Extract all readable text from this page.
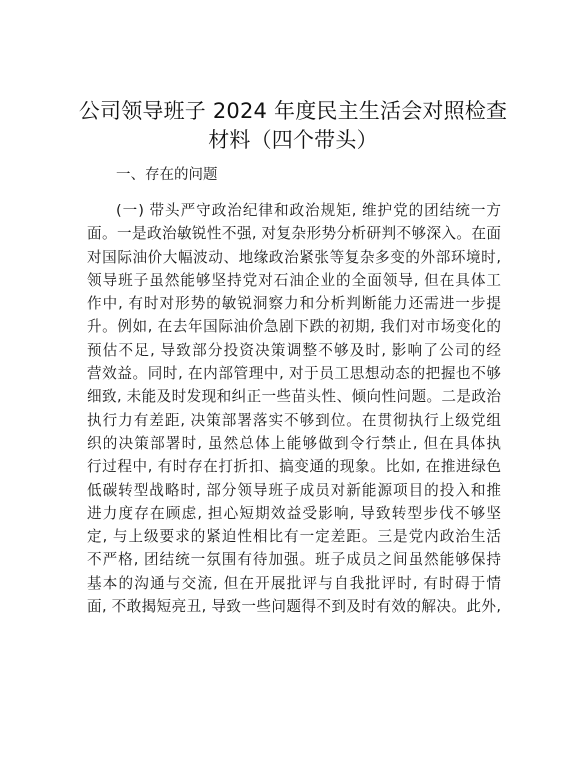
公司领导班子 2024 年度民主生活会对照检查材料（四个带头）
一、存在的问题
(一) 带头严守政治纪律和政治规矩, 维护党的团结统一方
面。一是政治敏锐性不强, 对复杂形势分析研判不够深入。在面
对国际油价大幅波动、地缘政治紧张等复杂多变的外部环境时,
领导班子虽然能够坚持党对石油企业的全面领导, 但在具体工
作中, 有时对形势的敏锐洞察力和分析判断能力还需进一步提
升。例如, 在去年国际油价急剧下跌的初期, 我们对市场变化的
预估不足, 导致部分投资决策调整不够及时, 影响了公司的经
营效益。同时, 在内部管理中, 对于员工思想动态的把握也不够
细致, 未能及时发现和纠正一些苗头性、倾向性问题。二是政治
执行力有差距, 决策部署落实不够到位。在贯彻执行上级党组
织的决策部署时, 虽然总体上能够做到令行禁止, 但在具体执
行过程中, 有时存在打折扣、搞变通的现象。比如, 在推进绿色
低碳转型战略时, 部分领导班子成员对新能源项目的投入和推
进力度存在顾虑, 担心短期效益受影响, 导致转型步伐不够坚
定, 与上级要求的紧迫性相比有一定差距。三是党内政治生活
不严格, 团结统一氛围有待加强。班子成员之间虽然能够保持
基本的沟通与交流, 但在开展批评与自我批评时, 有时碍于情
面, 不敢揭短亮丑, 导致一些问题得不到及时有效的解决。此外,
